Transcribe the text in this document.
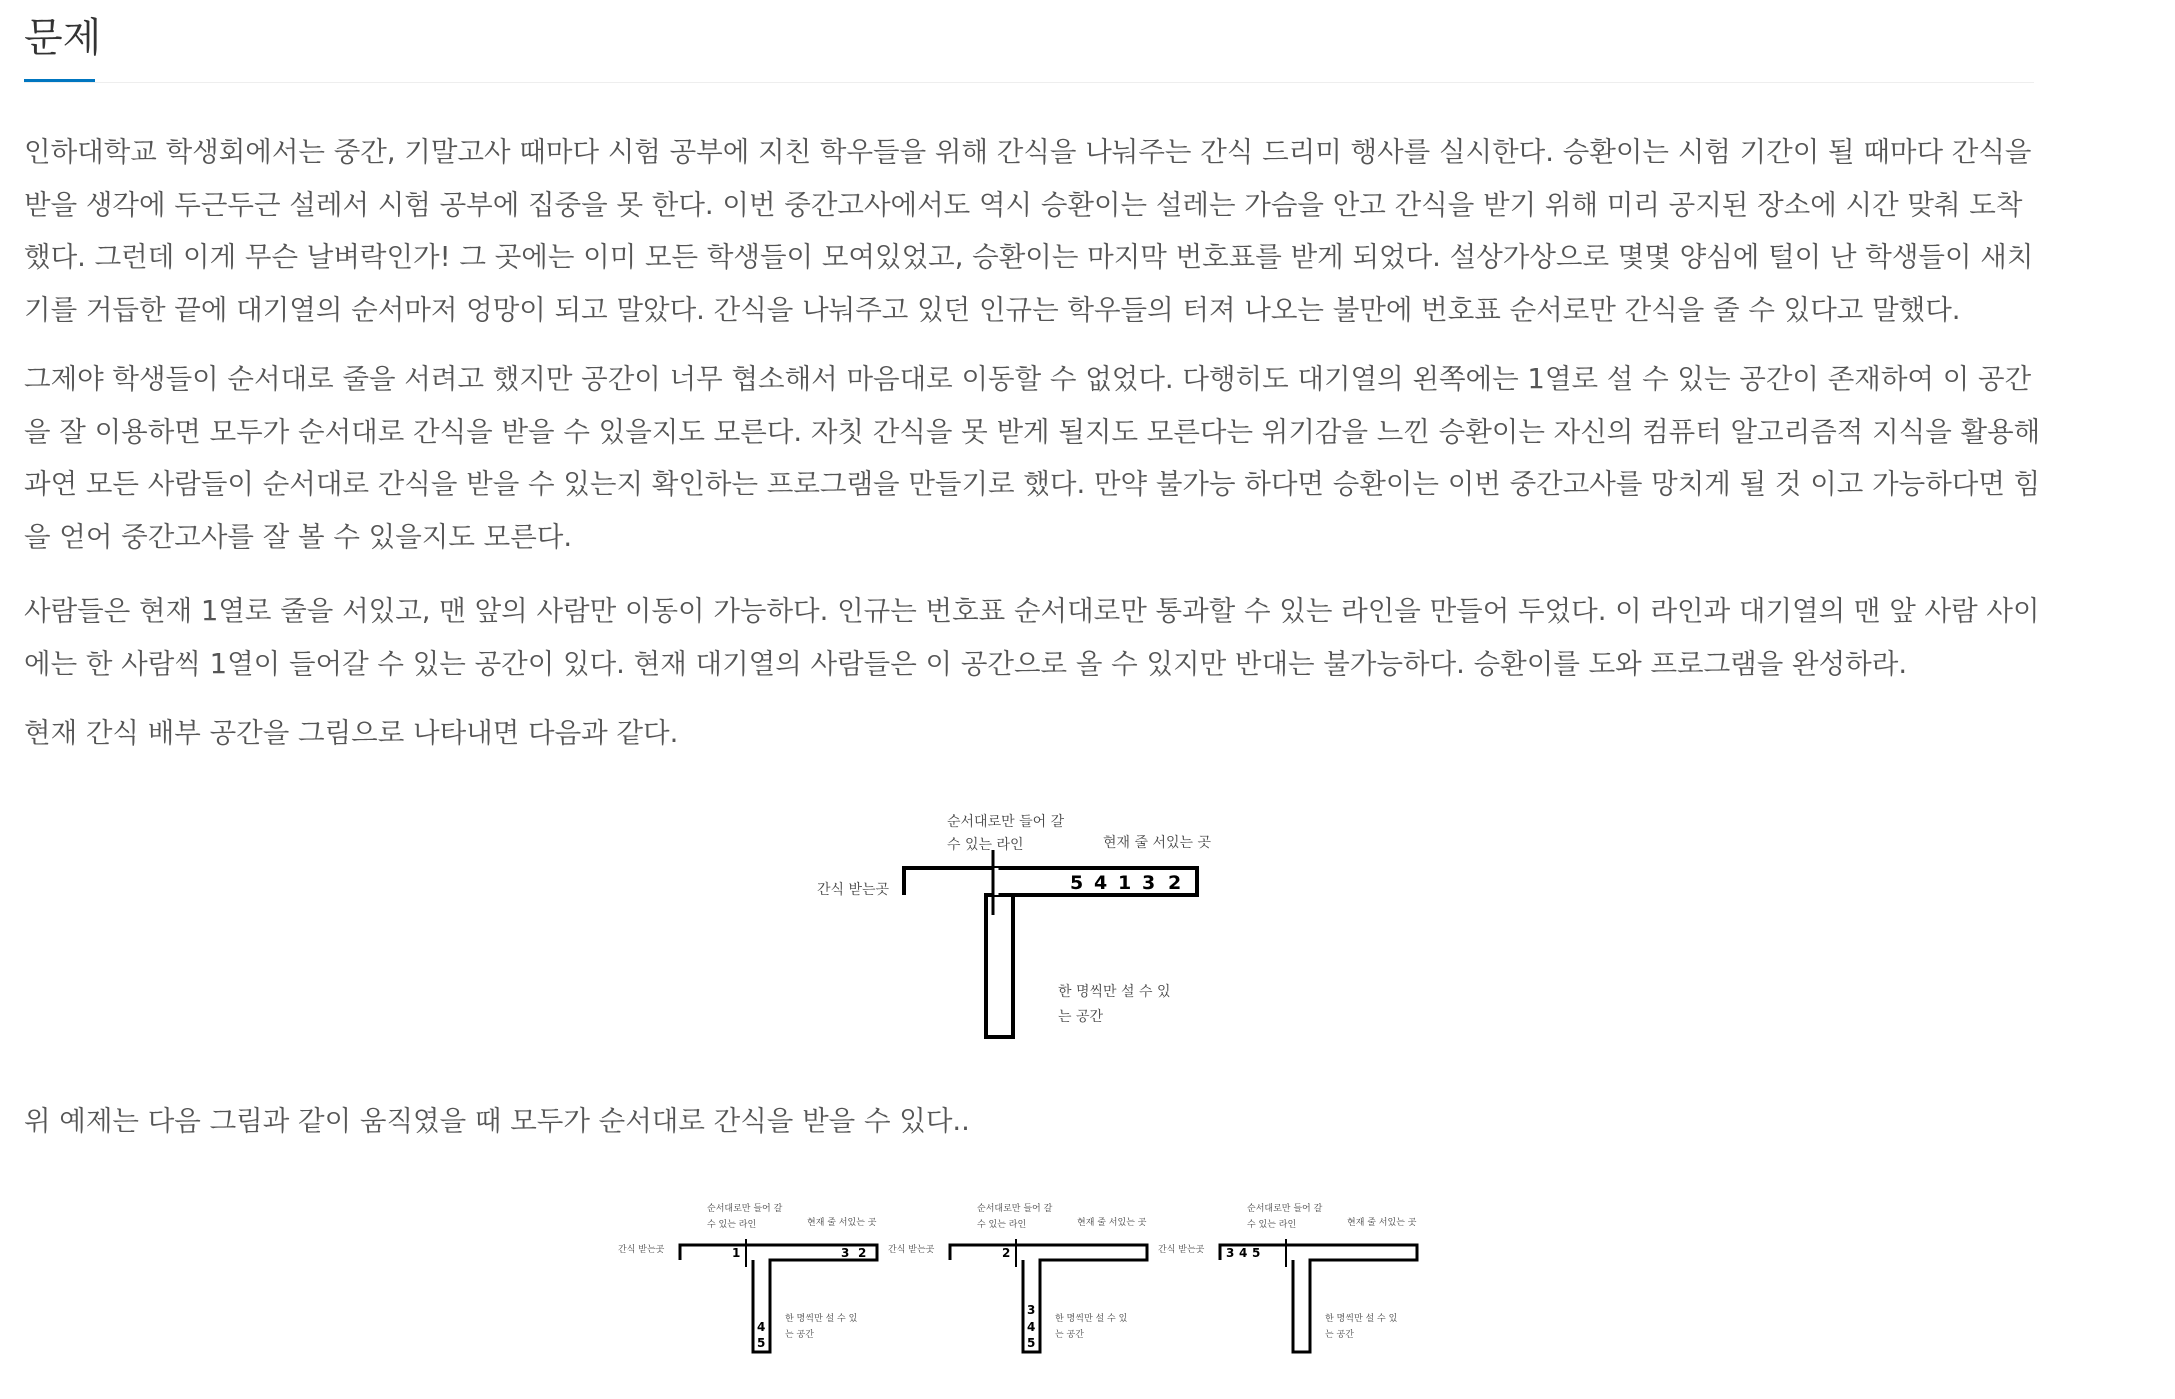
문제

인하대학교 학생회에서는 중간, 기말고사 때마다 시험 공부에 지친 학우들을 위해 간식을 나눠주는 간식 드리미 행사를 실시한다. 승환이는 시험 기간이 될 때마다 간식을 받을 생각에 두근두근 설레서 시험 공부에 집중을 못 한다. 이번 중간고사에서도 역시 승환이는 설레는 가슴을 안고 간식을 받기 위해 미리 공지된 장소에 시간 맞춰 도착했다. 그런데 이게 무슨 날벼락인가! 그 곳에는 이미 모든 학생들이 모여있었고, 승환이는 마지막 번호표를 받게 되었다. 설상가상으로 몇몇 양심에 털이 난 학생들이 새치기를 거듭한 끝에 대기열의 순서마저 엉망이 되고 말았다. 간식을 나눠주고 있던 인규는 학우들의 터져 나오는 불만에 번호표 순서로만 간식을 줄 수 있다고 말했다.

그제야 학생들이 순서대로 줄을 서려고 했지만 공간이 너무 협소해서 마음대로 이동할 수 없었다. 다행히도 대기열의 왼쪽에는 1열로 설 수 있는 공간이 존재하여 이 공간을 잘 이용하면 모두가 순서대로 간식을 받을 수 있을지도 모른다. 자칫 간식을 못 받게 될지도 모른다는 위기감을 느낀 승환이는 자신의 컴퓨터 알고리즘적 지식을 활용해 과연 모든 사람들이 순서대로 간식을 받을 수 있는지 확인하는 프로그램을 만들기로 했다. 만약 불가능 하다면 승환이는 이번 중간고사를 망치게 될 것 이고 가능하다면 힘을 얻어 중간고사를 잘 볼 수 있을지도 모른다.

사람들은 현재 1열로 줄을 서있고, 맨 앞의 사람만 이동이 가능하다. 인규는 번호표 순서대로만 통과할 수 있는 라인을 만들어 두었다. 이 라인과 대기열의 맨 앞 사람 사이에는 한 사람씩 1열이 들어갈 수 있는 공간이 있다. 현재 대기열의 사람들은 이 공간으로 올 수 있지만 반대는 불가능하다. 승환이를 도와 프로그램을 완성하라.

현재 간식 배부 공간을 그림으로 나타내면 다음과 같다.

순서대로만 들어 갈
수 있는 라인	현재 줄 서있는 곳
간식 받는곳
한 명씩만 설 수 있
는 공간
5 4 1 3 2

위 예제는 다음 그림과 같이 움직였을 때 모두가 순서대로 간식을 받을 수 있다..

순서대로만 들어 갈
수 있는 라인	현재 줄 서있는 곳
간식 받는곳
한 명씩만 설 수 있
는 공간
1	3 2
4
5
순서대로만 들어 갈
수 있는 라인	현재 줄 서있는 곳
간식 받는곳
한 명씩만 설 수 있
는 공간
2
3
4
5
순서대로만 들어 갈
수 있는 라인	현재 줄 서있는 곳
간식 받는곳
한 명씩만 설 수 있
는 공간
3 4 5
